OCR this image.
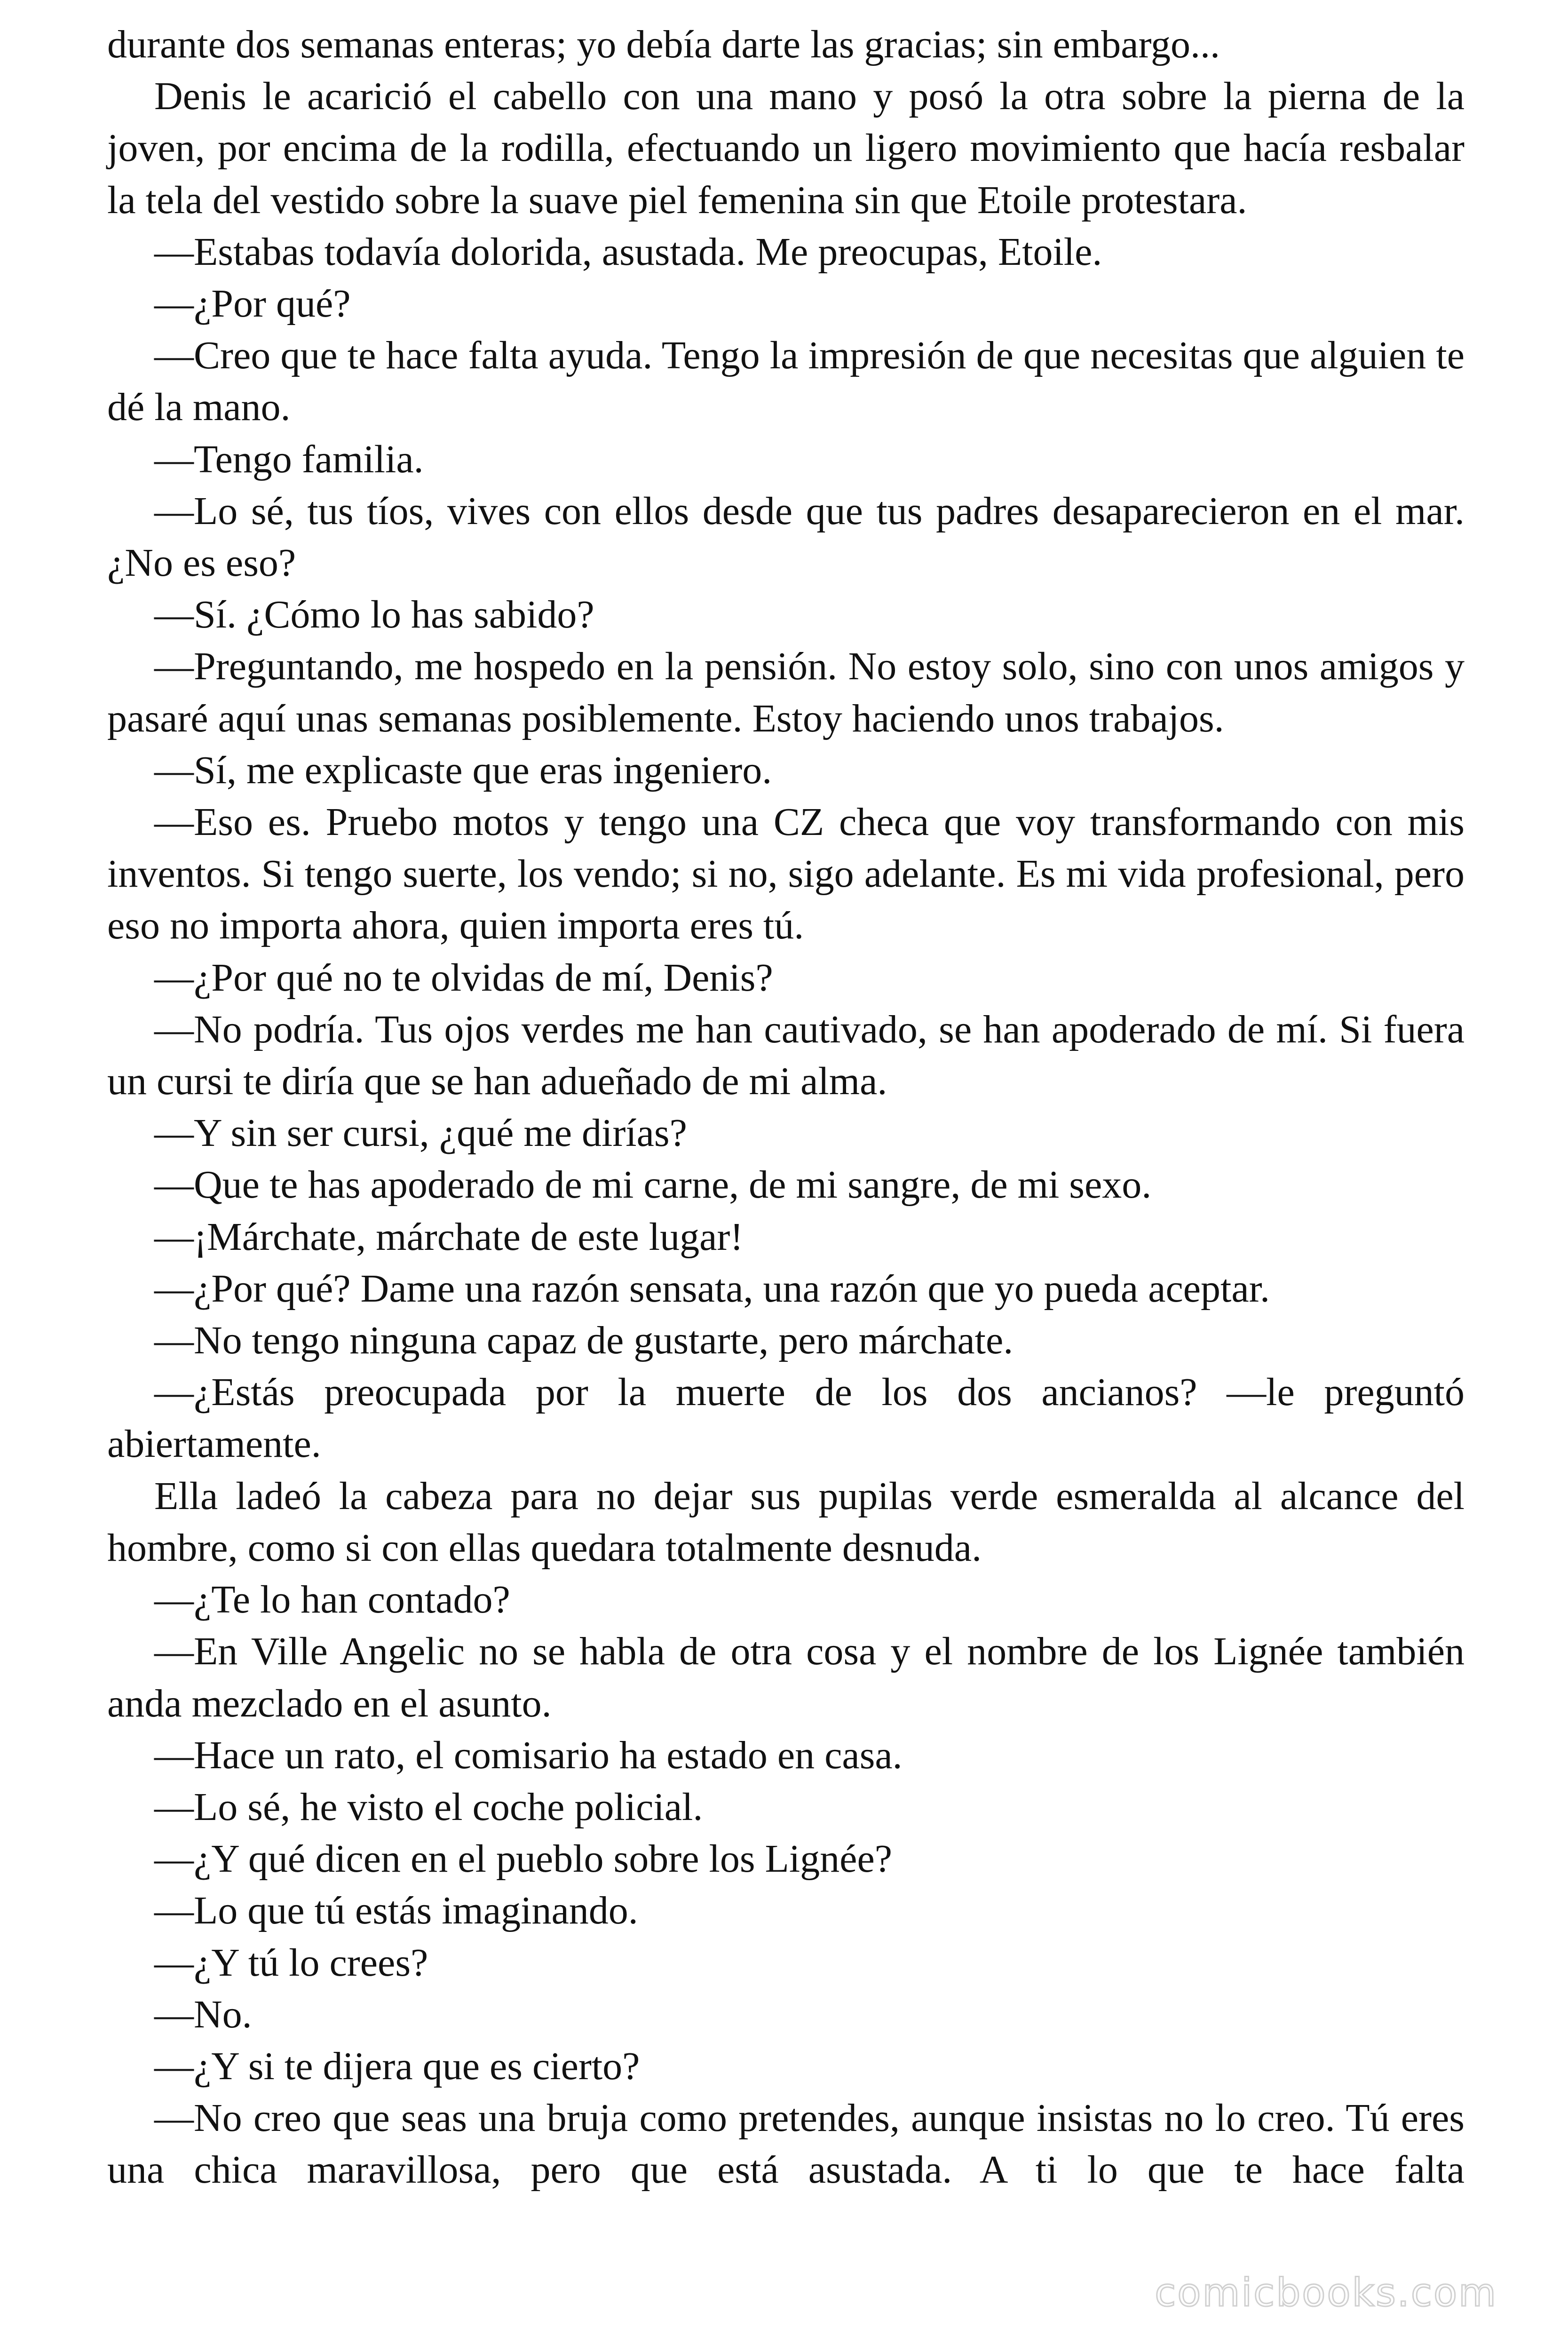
durante dos semanas enteras; yo debía darte las gracias; sin embargo...

Denis le acarició el cabello con una mano y posó la otra sobre la pierna de la joven, por encima de la rodilla, efectuando un ligero movimiento que hacía resbalar la tela del vestido sobre la suave piel femenina sin que Etoile protestara.

—Estabas todavía dolorida, asustada. Me preocupas, Etoile.

—¿Por qué?

—Creo que te hace falta ayuda. Tengo la impresión de que necesitas que alguien te dé la mano.

—Tengo familia.

—Lo sé, tus tíos, vives con ellos desde que tus padres desaparecieron en el mar. ¿No es eso?

—Sí. ¿Cómo lo has sabido?

—Preguntando, me hospedo en la pensión. No estoy solo, sino con unos amigos y pasaré aquí unas semanas posiblemente. Estoy haciendo unos trabajos.

—Sí, me explicaste que eras ingeniero.

—Eso es. Pruebo motos y tengo una CZ checa que voy transformando con mis inventos. Si tengo suerte, los vendo; si no, sigo adelante. Es mi vida profesional, pero eso no importa ahora, quien importa eres tú.

—¿Por qué no te olvidas de mí, Denis?

—No podría. Tus ojos verdes me han cautivado, se han apoderado de mí. Si fuera un cursi te diría que se han adueñado de mi alma.

—Y sin ser cursi, ¿qué me dirías?

—Que te has apoderado de mi carne, de mi sangre, de mi sexo.

—¡Márchate, márchate de este lugar!

—¿Por qué? Dame una razón sensata, una razón que yo pueda aceptar.

—No tengo ninguna capaz de gustarte, pero márchate.

—¿Estás preocupada por la muerte de los dos ancianos? —le preguntó abiertamente.

Ella ladeó la cabeza para no dejar sus pupilas verde esmeralda al alcance del hombre, como si con ellas quedara totalmente desnuda.

—¿Te lo han contado?

—En Ville Angelic no se habla de otra cosa y el nombre de los Lignée también anda mezclado en el asunto.

—Hace un rato, el comisario ha estado en casa.

—Lo sé, he visto el coche policial.

—¿Y qué dicen en el pueblo sobre los Lignée?

—Lo que tú estás imaginando.

—¿Y tú lo crees?

—No.

—¿Y si te dijera que es cierto?

—No creo que seas una bruja como pretendes, aunque insistas no lo creo. Tú eres una chica maravillosa, pero que está asustada. A ti lo que te hace falta

comicbooks.com
